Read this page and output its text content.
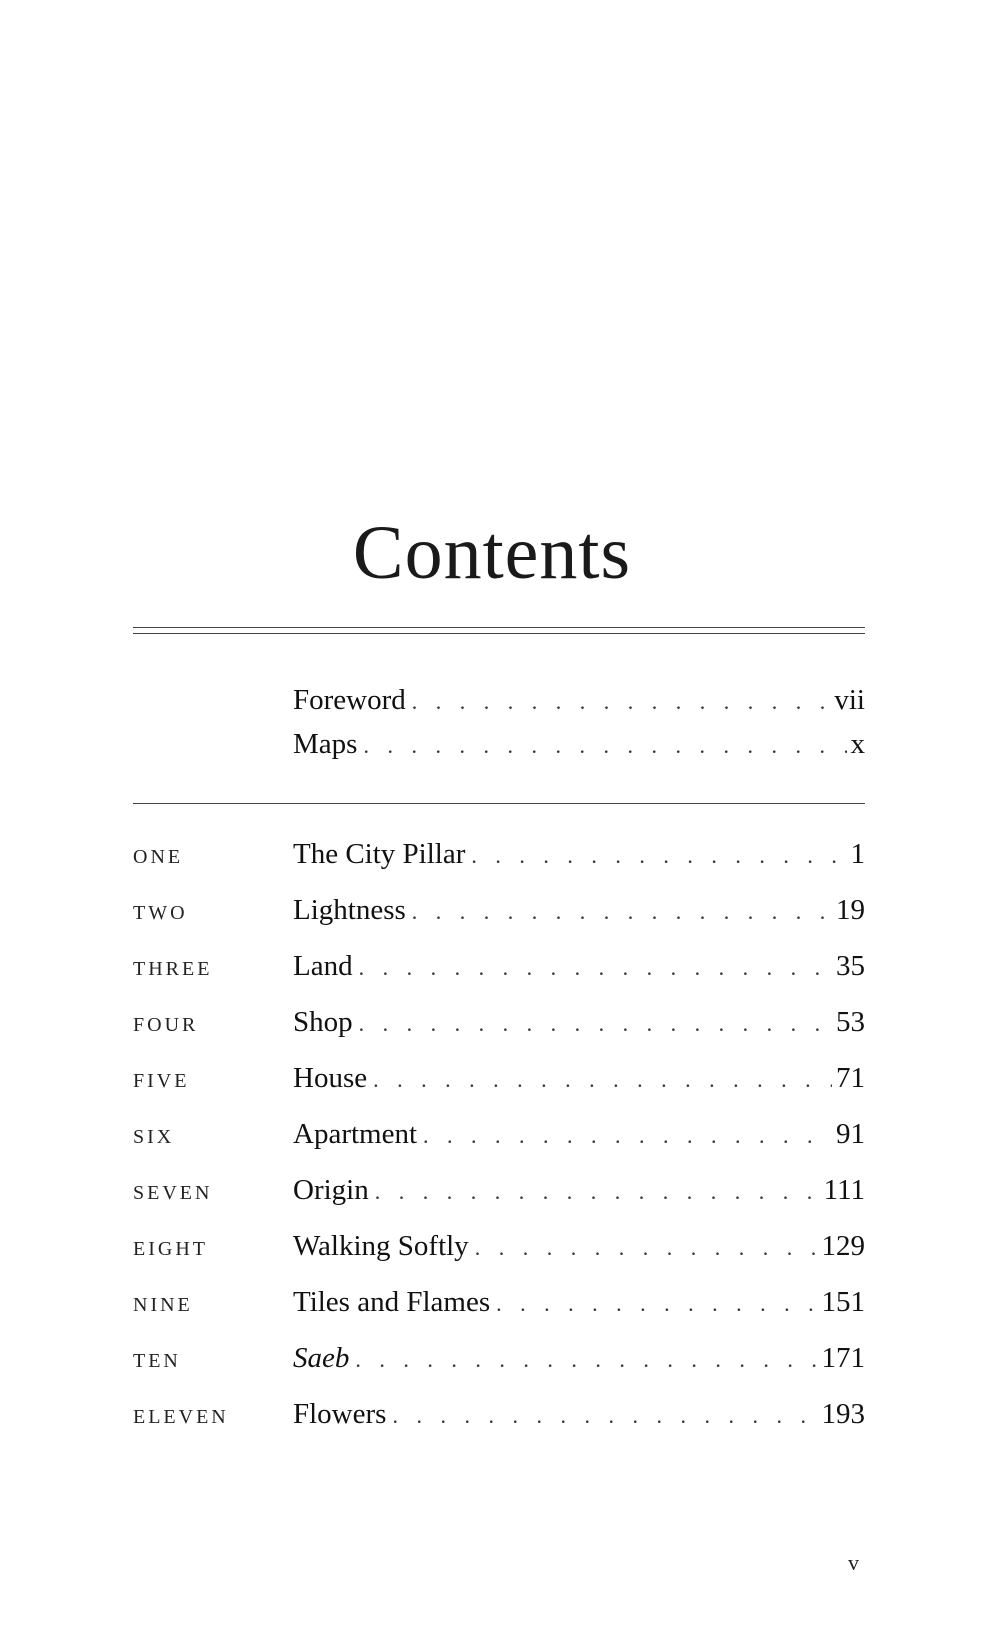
Contents
Foreword . . .	vii
Maps . . .	x
ONE	The City Pillar . . .	1
TWO	Lightness . . .	19
THREE	Land . . .	35
FOUR	Shop . . .	53
FIVE	House . . .	71
SIX	Apartment . . .	91
SEVEN	Origin . . .	111
EIGHT	Walking Softly . . .	129
NINE	Tiles and Flames . . .	151
TEN	Saeb . . .	171
ELEVEN Flowers . . .	193
v
